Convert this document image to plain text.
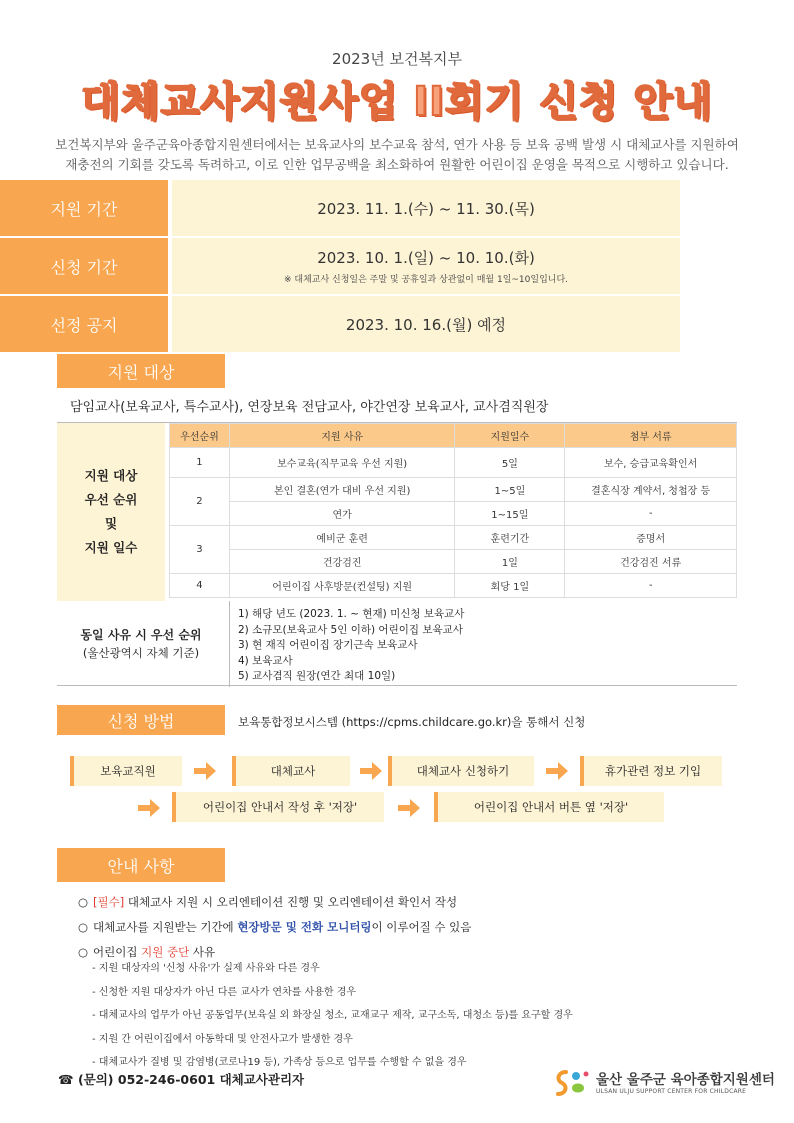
2023년 보건복지부
대체교사지원사업 II회기 신청 안내
보건복지부와 울주군육아종합지원센터에서는 보육교사의 보수교육 참석, 연가 사용 등 보육 공백 발생 시 대체교사를 지원하여
재충전의 기회를 갖도록 독려하고, 이로 인한 업무공백을 최소화하여 원활한 어린이집 운영을 목적으로 시행하고 있습니다.
지원 기간	2023. 11. 1.(수) ~ 11. 30.(목)
신청 기간	2023. 10. 1.(일) ~ 10. 10.(화)
※ 대체교사 신청일은 주말 및 공휴일과 상관없이 매월 1일~10일입니다.
선정 공지	2023. 10. 16.(월) 예정
지원 대상
담임교사(보육교사, 특수교사), 연장보육 전담교사, 야간연장 보육교사, 교사겸직원장
지원 대상
우선 순위
및
지원 일수
우선순위	지원 사유	지원일수	첨부 서류
1	보수교육(직무교육 우선 지원)	5일	보수, 승급교육확인서
2	본인 결혼(연가 대비 우선 지원)	1~5일	결혼식장 계약서, 청첩장 등
	연가	1~15일	-
3	예비군 훈련	훈련기간	증명서
	건강검진	1일	건강검진 서류
4	어린이집 사후방문(컨설팅) 지원	회당 1일	-
동일 사유 시 우선 순위
(울산광역시 자체 기준)
1) 해당 년도 (2023. 1. ~ 현재) 미신청 보육교사
2) 소규모(보육교사 5인 이하) 어린이집 보육교사
3) 현 재직 어린이집 장기근속 보육교사
4) 보육교사
5) 교사겸직 원장(연간 최대 10일)
신청 방법	보육통합정보시스템 (https://cpms.childcare.go.kr)을 통해서 신청
보육교직원	대체교사	대체교사 신청하기	휴가관련 정보 기입
어린이집 안내서 작성 후 '저장'	어린이집 안내서 버튼 옆 '저장'
안내 사항
○ [필수] 대체교사 지원 시 오리엔테이션 진행 및 오리엔테이션 확인서 작성
○ 대체교사를 지원받는 기간에 현장방문 및 전화 모니터링이 이루어질 수 있음
○ 어린이집 지원 중단 사유
- 지원 대상자의 '신청 사유'가 실제 사유와 다른 경우
- 신청한 지원 대상자가 아닌 다른 교사가 연차를 사용한 경우
- 대체교사의 업무가 아닌 공동업무(보육실 외 화장실 청소, 교재교구 제작, 교구소독, 대청소 등)를 요구할 경우
- 지원 간 어린이집에서 아동학대 및 안전사고가 발생한 경우
- 대체교사가 질병 및 감염병(코로나19 등), 가족상 등으로 업무를 수행할 수 없을 경우
☎ (문의) 052-246-0601 대체교사관리자	울산 울주군 육아종합지원센터
ULSAN ULJU SUPPORT CENTER FOR CHILDCARE
